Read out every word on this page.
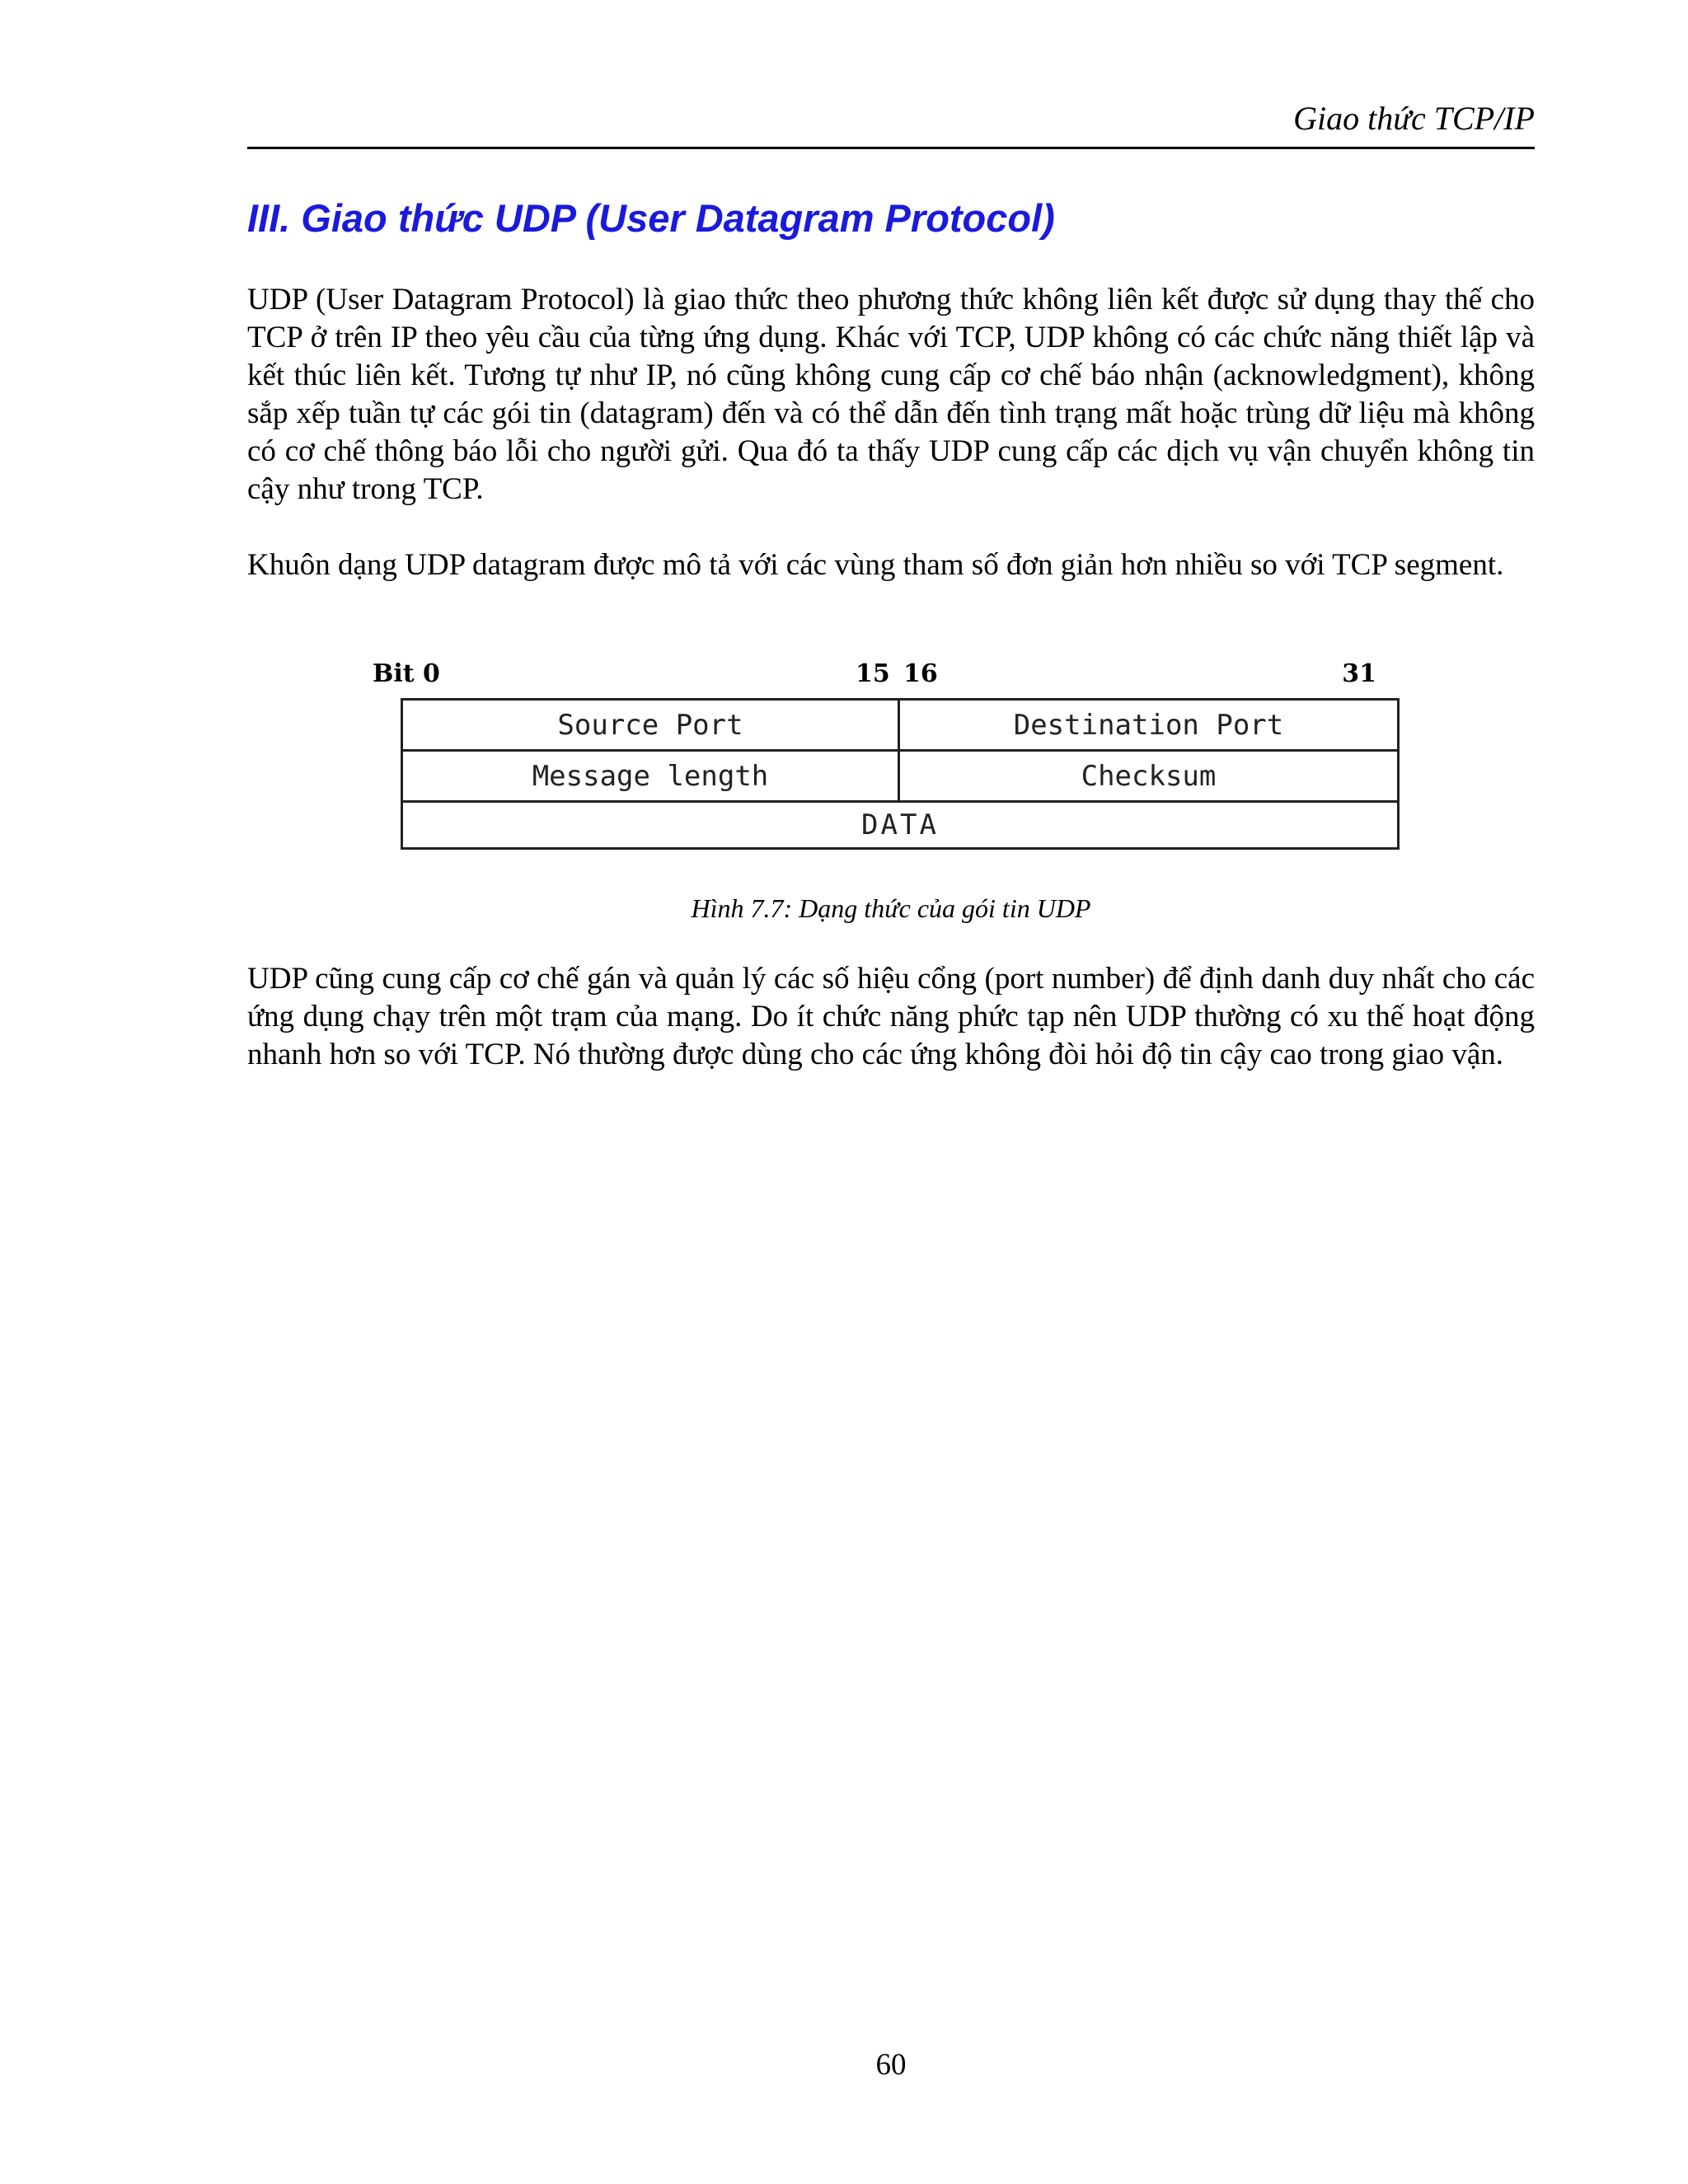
Giao thức TCP/IP
III. Giao thức UDP (User Datagram Protocol)

UDP (User Datagram Protocol) là giao thức theo phương thức không liên kết được sử dụng thay thế cho TCP ở trên IP theo yêu cầu của từng ứng dụng. Khác với TCP, UDP không có các chức năng thiết lập và kết thúc liên kết. Tương tự như IP, nó cũng không cung cấp cơ chế báo nhận (acknowledgment), không sắp xếp tuần tự các gói tin (datagram) đến và có thể dẫn đến tình trạng mất hoặc trùng dữ liệu mà không có cơ chế thông báo lỗi cho người gửi. Qua đó ta thấy UDP cung cấp các dịch vụ vận chuyển không tin cậy như trong TCP.

Khuôn dạng UDP datagram được mô tả với các vùng tham số đơn giản hơn nhiều so với TCP segment.

Bit 0	15 16	31
Source Port	Destination Port
Message length	Checksum
DATA
Hình 7.7: Dạng thức của gói tin UDP

UDP cũng cung cấp cơ chế gán và quản lý các số hiệu cổng (port number) để định danh duy nhất cho các ứng dụng chạy trên một trạm của mạng. Do ít chức năng phức tạp nên UDP thường có xu thế hoạt động nhanh hơn so với TCP. Nó thường được dùng cho các ứng không đòi hỏi độ tin cậy cao trong giao vận.

60
